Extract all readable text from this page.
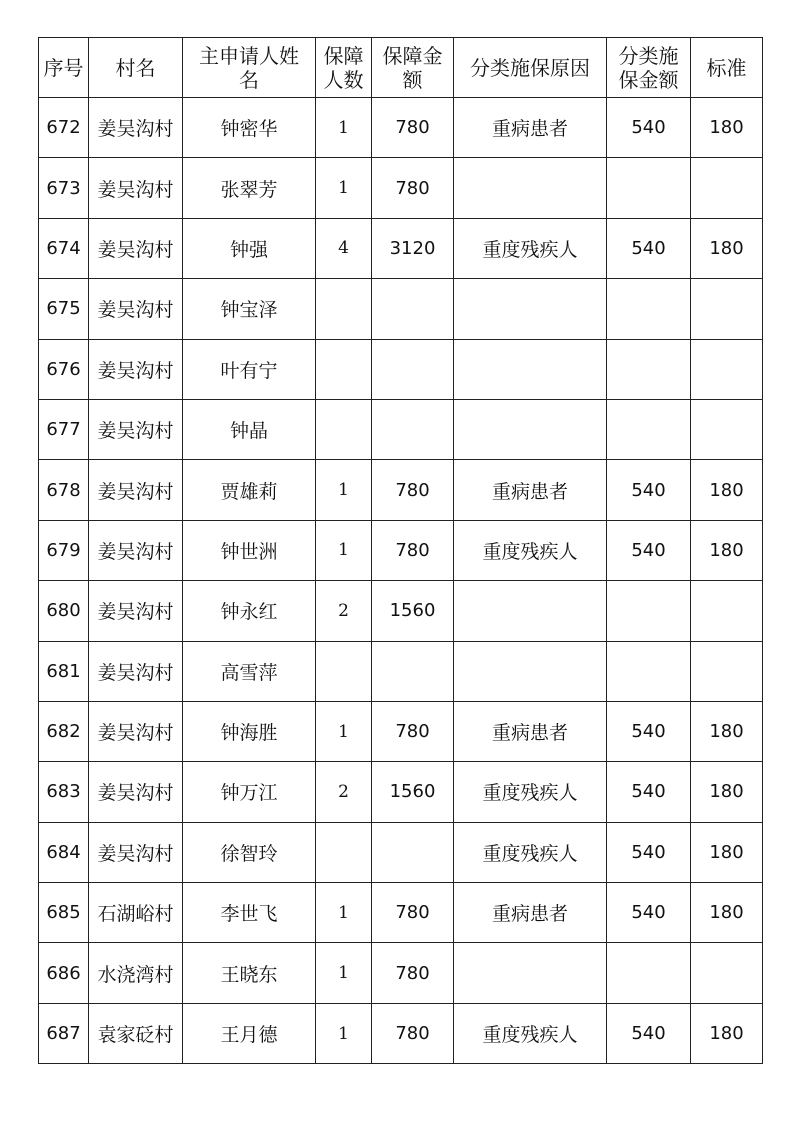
序号	村名	主申请人姓名	保障人数	保障金额	分类施保原因	分类施保金额	标准
672	姜吴沟村	钟密华	1	780	重病患者	540	180
673	姜吴沟村	张翠芳	1	780			
674	姜吴沟村	钟强	4	3120	重度残疾人	540	180
675	姜吴沟村	钟宝泽					
676	姜吴沟村	叶有宁					
677	姜吴沟村	钟晶					
678	姜吴沟村	贾雄莉	1	780	重病患者	540	180
679	姜吴沟村	钟世洲	1	780	重度残疾人	540	180
680	姜吴沟村	钟永红	2	1560			
681	姜吴沟村	高雪萍					
682	姜吴沟村	钟海胜	1	780	重病患者	540	180
683	姜吴沟村	钟万江	2	1560	重度残疾人	540	180
684	姜吴沟村	徐智玲			重度残疾人	540	180
685	石湖峪村	李世飞	1	780	重病患者	540	180
686	水浇湾村	王晓东	1	780			
687	袁家砭村	王月德	1	780	重度残疾人	540	180
